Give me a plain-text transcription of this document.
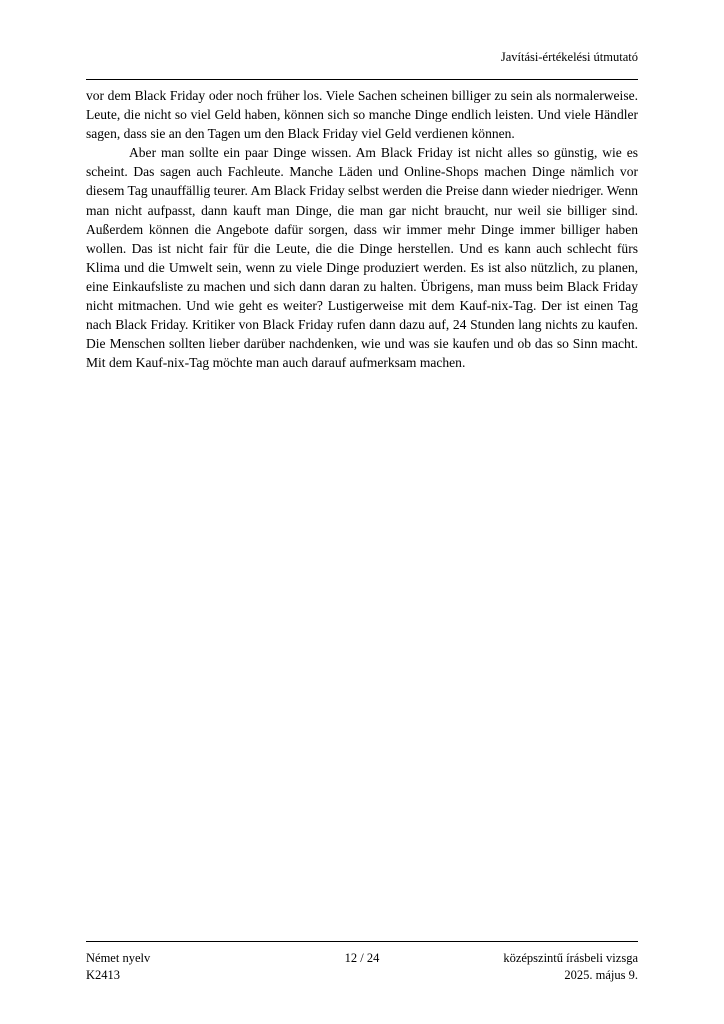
Javítási-értékelési útmutató

vor dem Black Friday oder noch früher los. Viele Sachen scheinen billiger zu sein als normalerweise. Leute, die nicht so viel Geld haben, können sich so manche Dinge endlich leisten. Und viele Händler sagen, dass sie an den Tagen um den Black Friday viel Geld verdienen können.

Aber man sollte ein paar Dinge wissen. Am Black Friday ist nicht alles so günstig, wie es scheint. Das sagen auch Fachleute. Manche Läden und Online-Shops machen Dinge nämlich vor diesem Tag unauffällig teurer. Am Black Friday selbst werden die Preise dann wieder niedriger. Wenn man nicht aufpasst, dann kauft man Dinge, die man gar nicht braucht, nur weil sie billiger sind. Außerdem können die Angebote dafür sorgen, dass wir immer mehr Dinge immer billiger haben wollen. Das ist nicht fair für die Leute, die die Dinge herstellen. Und es kann auch schlecht fürs Klima und die Umwelt sein, wenn zu viele Dinge produziert werden. Es ist also nützlich, zu planen, eine Einkaufsliste zu machen und sich dann daran zu halten. Übrigens, man muss beim Black Friday nicht mitmachen. Und wie geht es weiter? Lustigerweise mit dem Kauf-nix-Tag. Der ist einen Tag nach Black Friday. Kritiker von Black Friday rufen dann dazu auf, 24 Stunden lang nichts zu kaufen. Die Menschen sollten lieber darüber nachdenken, wie und was sie kaufen und ob das so Sinn macht. Mit dem Kauf-nix-Tag möchte man auch darauf aufmerksam machen.

Német nyelv
K2413
12 / 24	középszintű írásbeli vizsga
2025. május 9.
